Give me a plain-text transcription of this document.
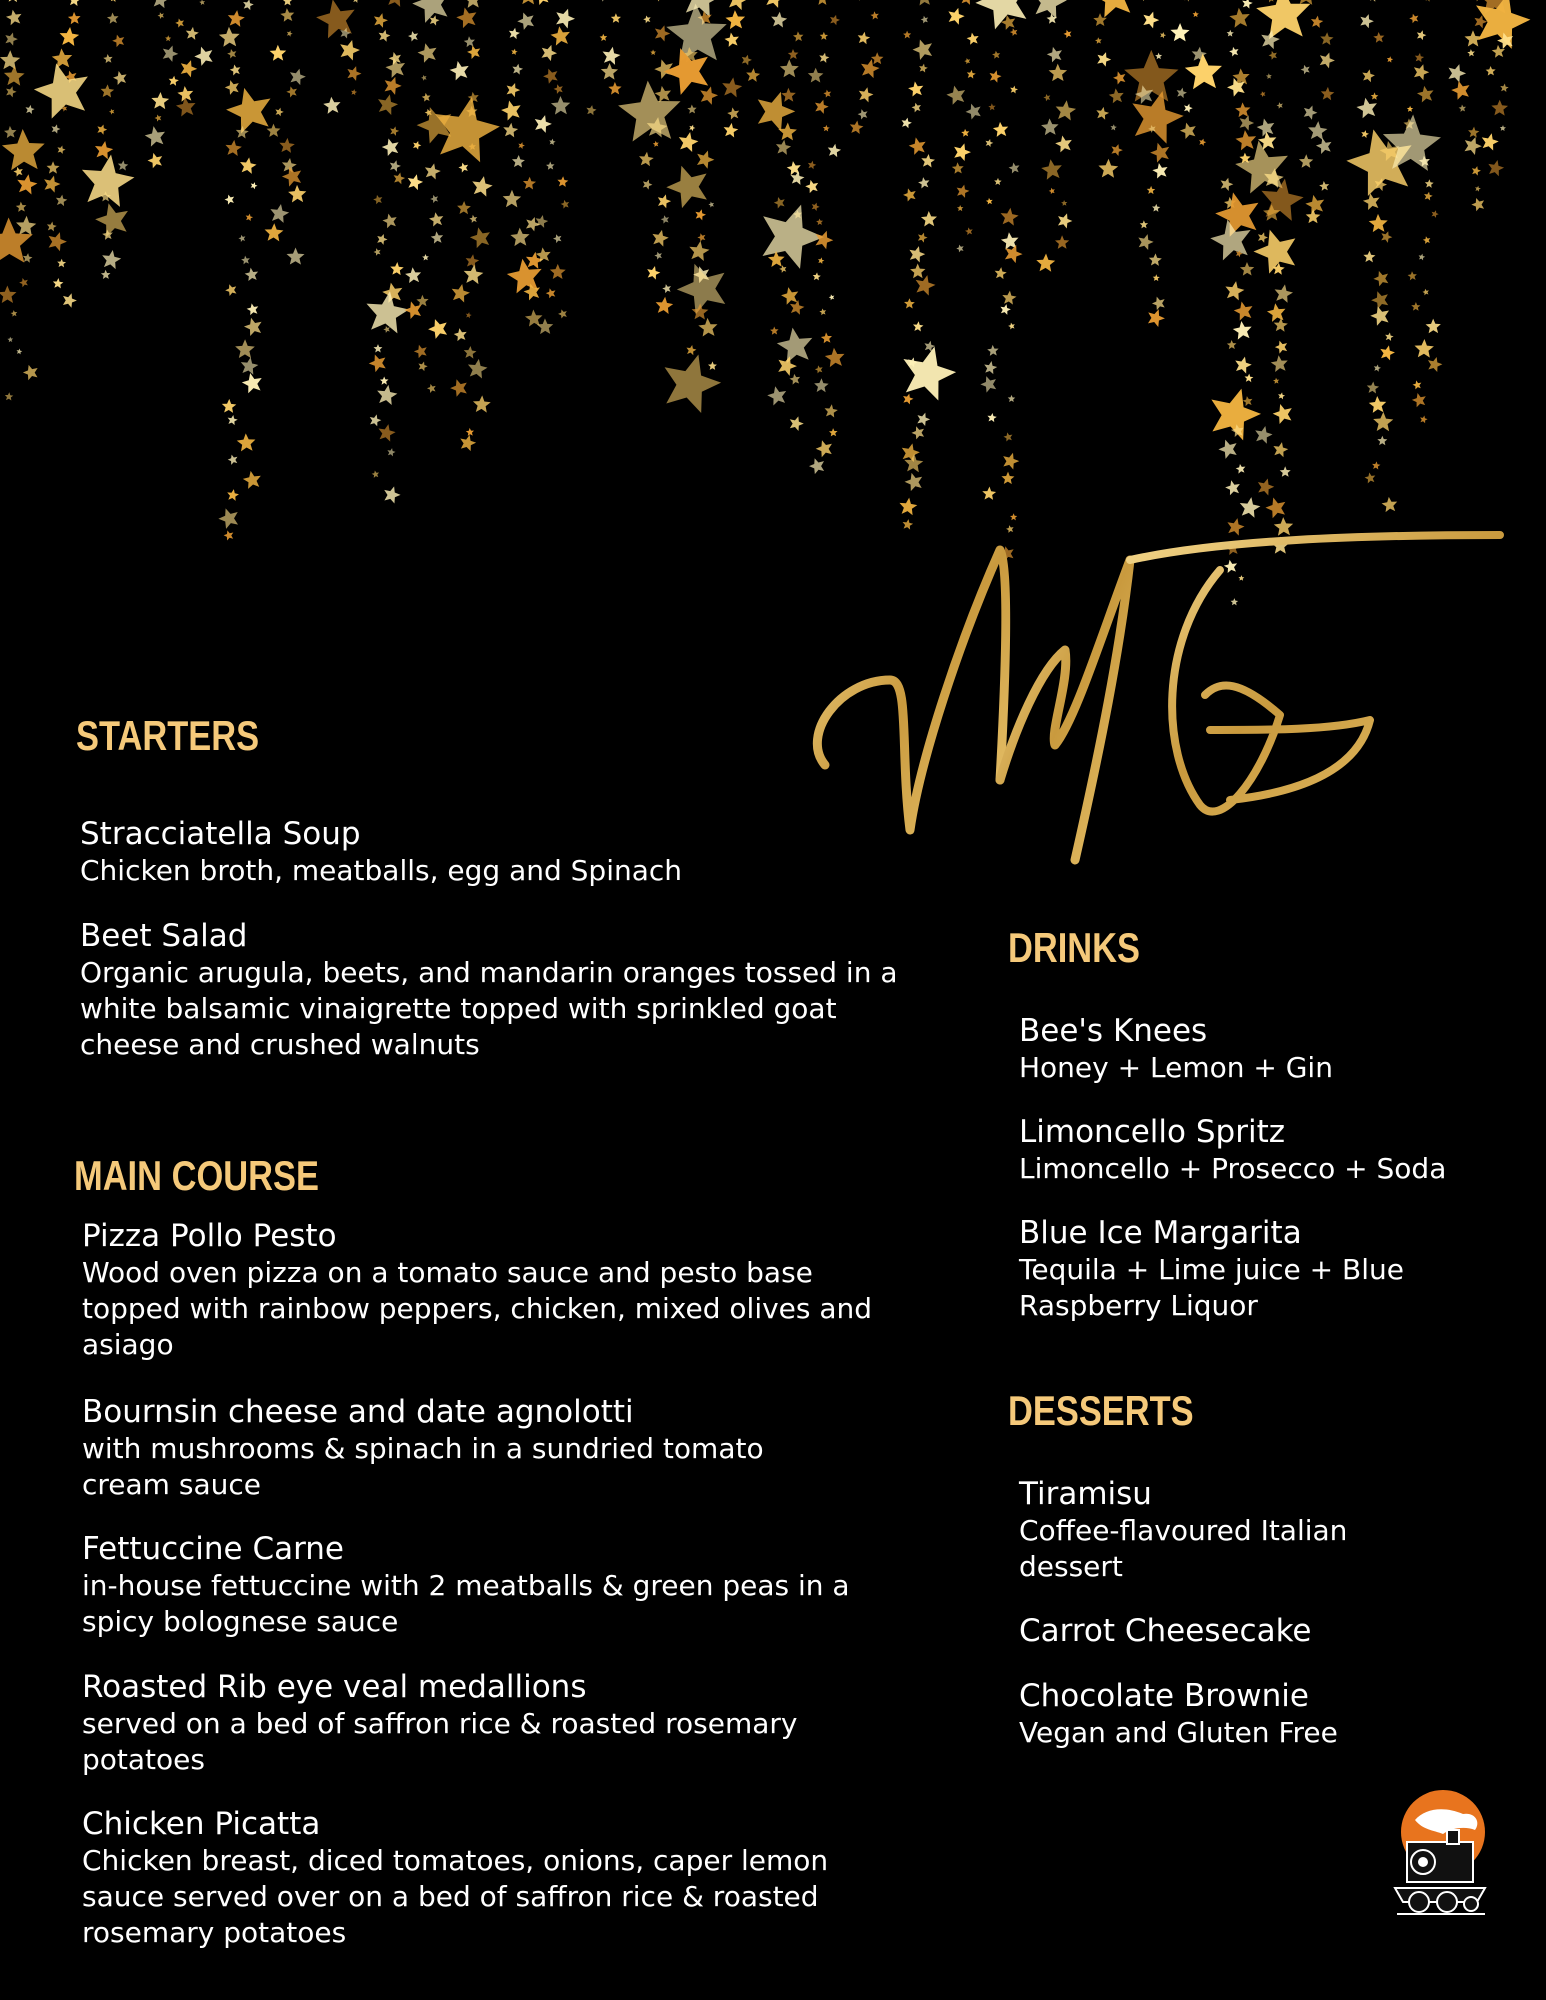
STARTERS
Stracciatella Soup
Chicken broth, meatballs, egg and Spinach
Beet Salad
Organic arugula, beets, and mandarin oranges tossed in a white balsamic vinaigrette topped with sprinkled goat cheese and crushed walnuts
MAIN COURSE
Pizza Pollo Pesto
Wood oven pizza on a tomato sauce and pesto base topped with rainbow peppers, chicken, mixed olives and asiago
Bournsin cheese and date agnolotti
with mushrooms & spinach in a sundried tomato cream sauce
Fettuccine Carne
in-house fettuccine with 2 meatballs & green peas in a spicy bolognese sauce
Roasted Rib eye veal medallions
served on a bed of saffron rice & roasted rosemary potatoes
Chicken Picatta
Chicken breast, diced tomatoes, onions, caper lemon sauce served over on a bed of saffron rice & roasted rosemary potatoes
DRINKS
Bee's Knees
Honey + Lemon + Gin
Limoncello Spritz
Limoncello + Prosecco + Soda
Blue Ice Margarita
Tequila + Lime juice + Blue Raspberry Liquor
DESSERTS
Tiramisu
Coffee-flavoured Italian dessert
Carrot Cheesecake
Chocolate Brownie
Vegan and Gluten Free
